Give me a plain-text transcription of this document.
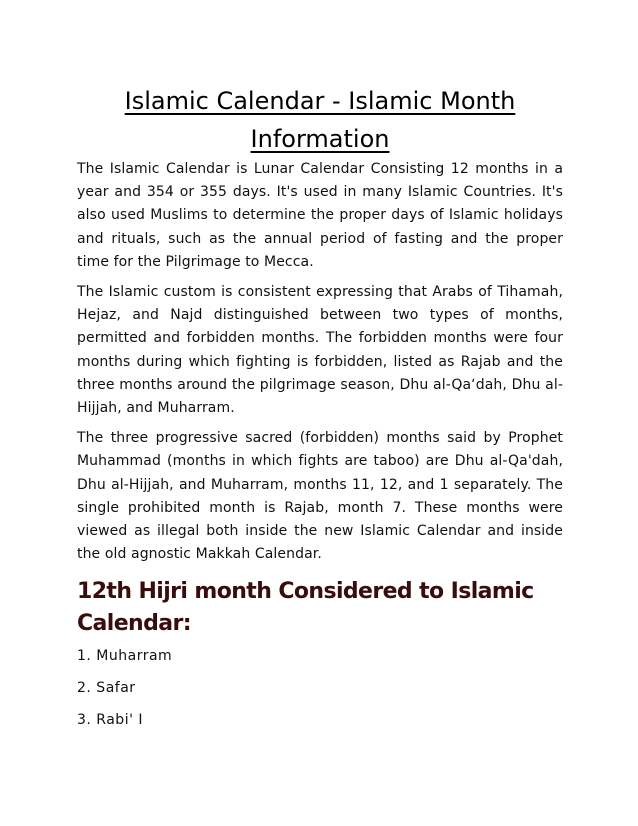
Islamic Calendar - Islamic Month
Information

The Islamic Calendar is Lunar Calendar Consisting 12 months in a year and 354 or 355 days. It's used in many Islamic Countries. It's also used Muslims to determine the proper days of Islamic holidays and rituals, such as the annual period of fasting and the proper time for the Pilgrimage to Mecca.

The Islamic custom is consistent expressing that Arabs of Tihamah, Hejaz, and Najd distinguished between two types of months, permitted and forbidden months. The forbidden months were four months during which fighting is forbidden, listed as Rajab and the three months around the pilgrimage season, Dhu al-Qa‘dah, Dhu al-Hijjah, and Muharram.

The three progressive sacred (forbidden) months said by Prophet Muhammad (months in which fights are taboo) are Dhu al-Qa'dah, Dhu al-Hijjah, and Muharram, months 11, 12, and 1 separately. The single prohibited month is Rajab, month 7. These months were viewed as illegal both inside the new Islamic Calendar and inside the old agnostic Makkah Calendar.

12th Hijri month Considered to Islamic Calendar:
1. Muharram
2. Safar
3. Rabi' I
